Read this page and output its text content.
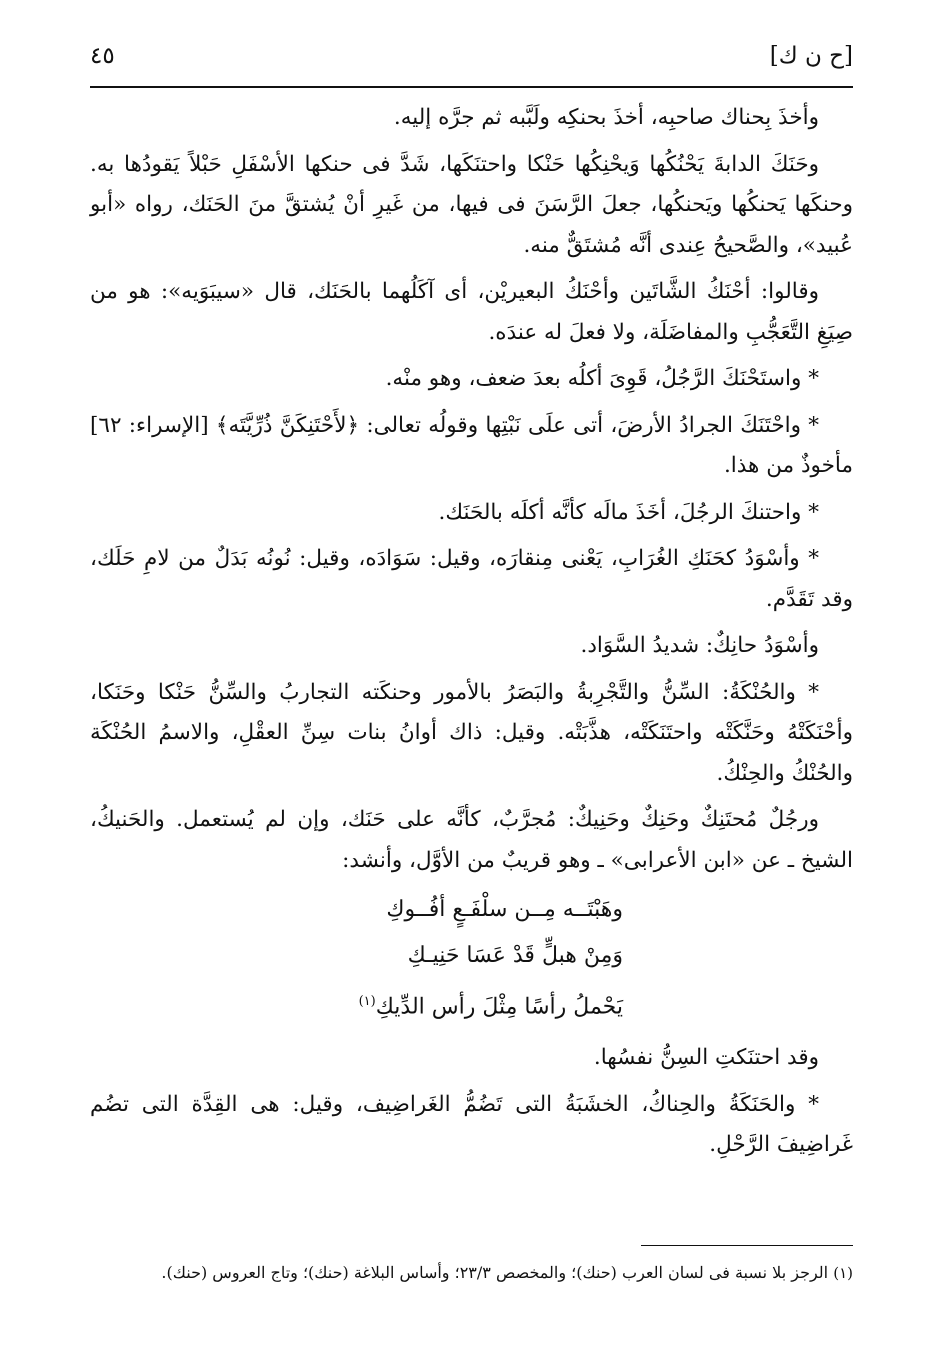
[ح ن ك]
٤٥

وأخذَ بِحناك صاحبِه، أخذَ بحنكِه ولَبَّبه ثم جرَّه إليه.

وحَنَكَ الدابةَ يَحْنُكُها وَيحْنِكُها حَنْكا واحتنَكَها، شَدَّ فى حنكها الأسْفَلِ حَبْلاً يَقودُها به. وحنكَها يَحنكُها ويَحنكُها، جعلَ الرَّسَنَ فى فيها، من غَيرِ أنْ يُشتقَّ منَ الحَنَك، رواه «أبو عُبيد»، والصَّحيحُ عِندى أنَّه مُشتَقٌّ منه.

وقالوا: أحْنَكُ الشَّاتَين وأحْنَكُ البعيريْن، أى آكَلُهما بالحَنَك، قال «سيبَوَيه»: هو من صِيَغِ التَّعَجُّبِ والمفاضَلَة، ولا فعلَ له عندَه.

* واستَحْنَكَ الرَّجُلُ، قَوِىَ أكلُه بعدَ ضعف، وهو منْه.

* واحْتَنَكَ الجرادُ الأرضَ، أتى علَى نَبْتِها وقولُه تعالى: ﴿لأَحْتَنِكَنَّ ذُرِّيَّتَه﴾ [الإسراء: ٦٢] مأخوذٌ من هذا.

* واحتنكَ الرجُلَ، أخَذَ مالَه كأنَّه أكلَه بالحَنَك.

* وأسْوَدُ كحَنَكِ الغُرَابِ، يَعْنى مِنقارَه، وقيل: سَوَادَه، وقيل: نُونُه بَدَلٌ من لامِ حَلَك، وقد تَقَدَّم.

وأسْوَدُ حانِكٌ: شديدُ السَّوَاد.

* والحُنْكَةُ: السِّنُّ والتَّجْرِبةُ والبَصَرُ بالأمور وحنكَته التجاربُ والسِّنُّ حَنْكا وحَنَكا، وأحْنَكَتْهُ وحَنَّكَتْه واحتَنَكَتْه، هذَّبَتْه. وقيل: ذاك أوانُ بنات سِنِّ العقْلِ، والاسمُ الحُنْكَة والحُنْكُ والحِنْكُ.

ورجُلٌ مُحتَنِكٌ وحَنِكٌ وحَنِيكٌ: مُجرَّبٌ، كأنَّه على حَنَك، وإن لم يُستعمل. والحَنيكُ، الشيخ ـ عن «ابن الأعرابى» ـ وهو قريبٌ من الأوَّل، وأنشد:

وهَبْتَــه مِــن سلْفَـعٍ أفُــوكِ
وَمِنْ هبلٍّ قَدْ عَسَا حَنِيـكِ
يَحْملُ رأسًا مِثْلَ رأس الدِّيكِ$^{(١)}$

وقد احتنَكتِ السِنُّ نفسُها.

* والحَنَكَةُ والحِناكُ، الخشَبَةُ التى تَضُمُّ الغَراضِيف، وقيل: هى القِدَّة التى تضُم غَراضِيفَ الرَّحْلِ.

(١) الرجز بلا نسبة فى لسان العرب (حنك)؛ والمخصص ٢٣/٣؛ وأساس البلاغة (حنك)؛ وتاج العروس (حنك).
